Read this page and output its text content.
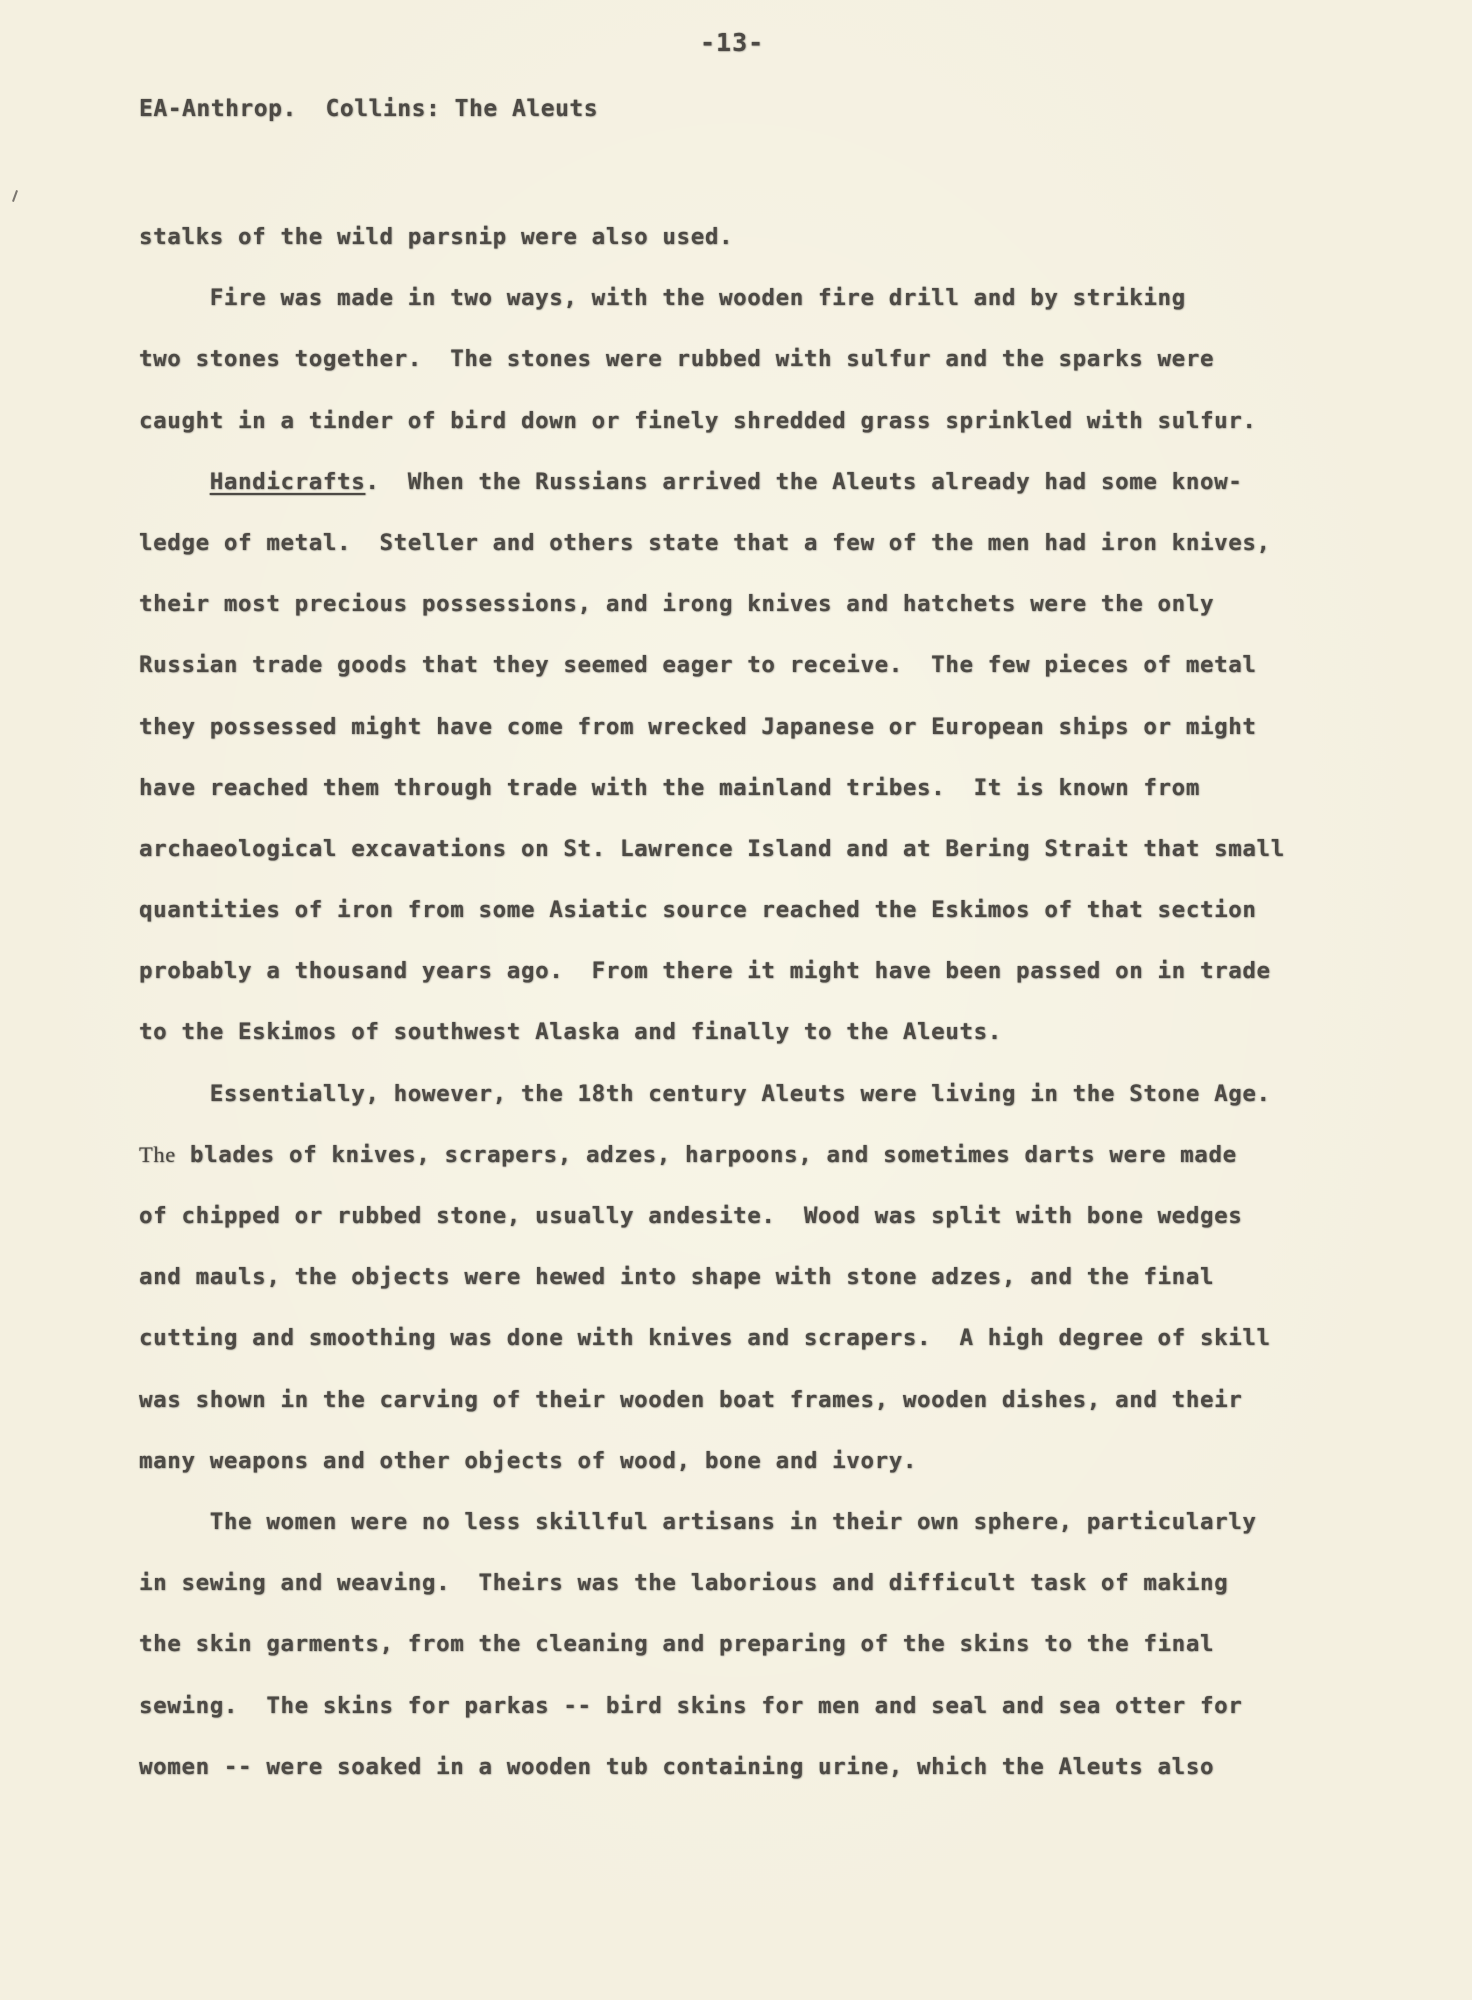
-13-
EA-Anthrop.  Collins: The Aleuts
stalks of the wild parsnip were also used.
Fire was made in two ways, with the wooden fire drill and by striking
two stones together.  The stones were rubbed with sulfur and the sparks were
caught in a tinder of bird down or finely shredded grass sprinkled with sulfur.
Handicrafts.  When the Russians arrived the Aleuts already had some know-
ledge of metal.  Steller and others state that a few of the men had iron knives,
their most precious possessions, and irong knives and hatchets were the only
Russian trade goods that they seemed eager to receive.  The few pieces of metal
they possessed might have come from wrecked Japanese or European ships or might
have reached them through trade with the mainland tribes.  It is known from
archaeological excavations on St. Lawrence Island and at Bering Strait that small
quantities of iron from some Asiatic source reached the Eskimos of that section
probably a thousand years ago.  From there it might have been passed on in trade
to the Eskimos of southwest Alaska and finally to the Aleuts.
Essentially, however, the 18th century Aleuts were living in the Stone Age.
The blades of knives, scrapers, adzes, harpoons, and sometimes darts were made
of chipped or rubbed stone, usually andesite.  Wood was split with bone wedges
and mauls, the objects were hewed into shape with stone adzes, and the final
cutting and smoothing was done with knives and scrapers.  A high degree of skill
was shown in the carving of their wooden boat frames, wooden dishes, and their
many weapons and other objects of wood, bone and ivory.
The women were no less skillful artisans in their own sphere, particularly
in sewing and weaving.  Theirs was the laborious and difficult task of making
the skin garments, from the cleaning and preparing of the skins to the final
sewing.  The skins for parkas -- bird skins for men and seal and sea otter for
women -- were soaked in a wooden tub containing urine, which the Aleuts also
